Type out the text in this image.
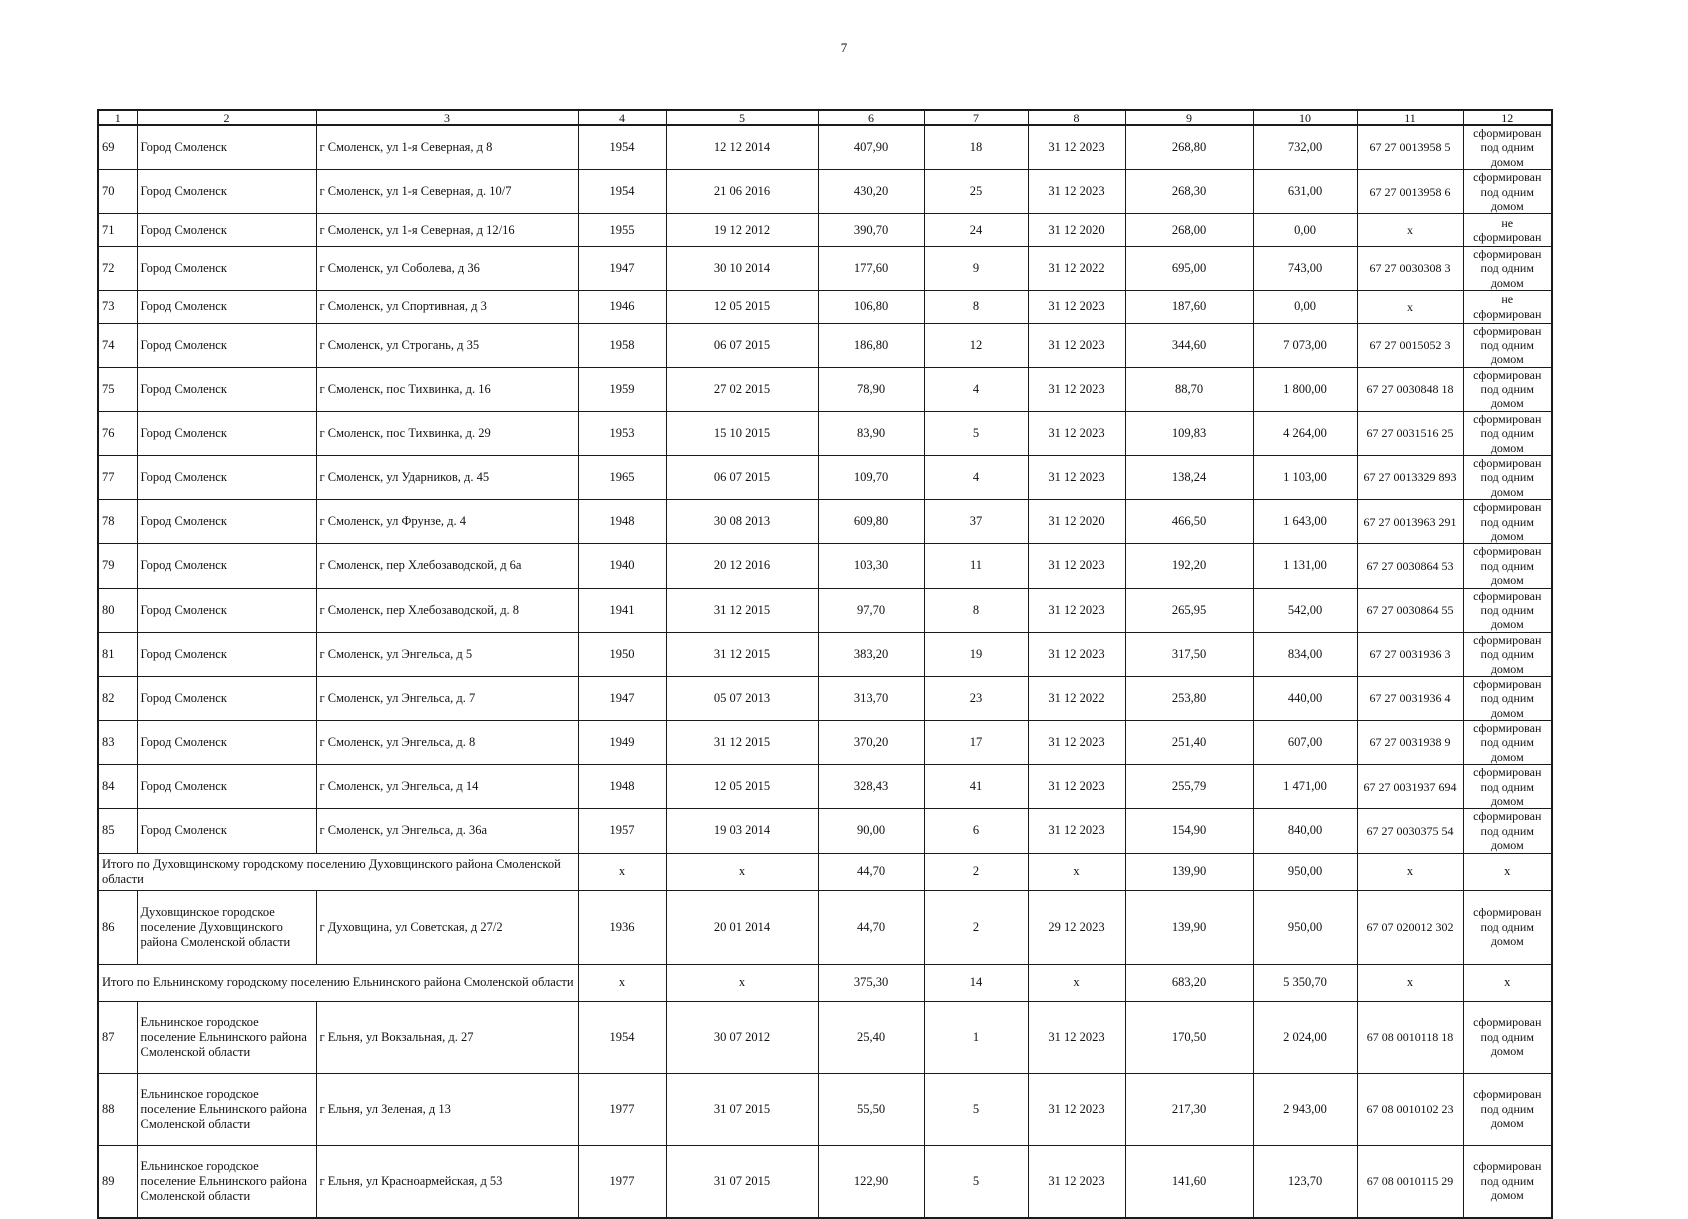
7
1	2	3	4	5	6	7	8	9	10	11	12
69	Город Смоленск	г Смоленск, ул 1-я Северная, д 8	1954	12 12 2014	407,90	18	31 12 2023	268,80	732,00	67 27 0013958 5	сформирован под одним домом
70	Город Смоленск	г Смоленск, ул 1-я Северная, д. 10/7	1954	21 06 2016	430,20	25	31 12 2023	268,30	631,00	67 27 0013958 6	сформирован под одним домом
71	Город Смоленск	г Смоленск, ул 1-я Северная, д 12/16	1955	19 12 2012	390,70	24	31 12 2020	268,00	0,00	х	не сформирован
72	Город Смоленск	г Смоленск, ул Соболева, д 36	1947	30 10 2014	177,60	9	31 12 2022	695,00	743,00	67 27 0030308 3	сформирован под одним домом
73	Город Смоленск	г Смоленск, ул Спортивная, д 3	1946	12 05 2015	106,80	8	31 12 2023	187,60	0,00	х	не сформирован
74	Город Смоленск	г Смоленск, ул Строгань, д 35	1958	06 07 2015	186,80	12	31 12 2023	344,60	7 073,00	67 27 0015052 3	сформирован под одним домом
75	Город Смоленск	г Смоленск, пос Тихвинка, д. 16	1959	27 02 2015	78,90	4	31 12 2023	88,70	1 800,00	67 27 0030848 18	сформирован под одним домом
76	Город Смоленск	г Смоленск, пос Тихвинка, д. 29	1953	15 10 2015	83,90	5	31 12 2023	109,83	4 264,00	67 27 0031516 25	сформирован под одним домом
77	Город Смоленск	г Смоленск, ул Ударников, д. 45	1965	06 07 2015	109,70	4	31 12 2023	138,24	1 103,00	67 27 0013329 893	сформирован под одним домом
78	Город Смоленск	г Смоленск, ул Фрунзе, д. 4	1948	30 08 2013	609,80	37	31 12 2020	466,50	1 643,00	67 27 0013963 291	сформирован под одним домом
79	Город Смоленск	г Смоленск, пер Хлебозаводской, д 6а	1940	20 12 2016	103,30	11	31 12 2023	192,20	1 131,00	67 27 0030864 53	сформирован под одним домом
80	Город Смоленск	г Смоленск, пер Хлебозаводской, д. 8	1941	31 12 2015	97,70	8	31 12 2023	265,95	542,00	67 27 0030864 55	сформирован под одним домом
81	Город Смоленск	г Смоленск, ул Энгельса, д 5	1950	31 12 2015	383,20	19	31 12 2023	317,50	834,00	67 27 0031936 3	сформирован под одним домом
82	Город Смоленск	г Смоленск, ул Энгельса, д. 7	1947	05 07 2013	313,70	23	31 12 2022	253,80	440,00	67 27 0031936 4	сформирован под одним домом
83	Город Смоленск	г Смоленск, ул Энгельса, д. 8	1949	31 12 2015	370,20	17	31 12 2023	251,40	607,00	67 27 0031938 9	сформирован под одним домом
84	Город Смоленск	г Смоленск, ул Энгельса, д 14	1948	12 05 2015	328,43	41	31 12 2023	255,79	1 471,00	67 27 0031937 694	сформирован под одним домом
85	Город Смоленск	г Смоленск, ул Энгельса, д. 36а	1957	19 03 2014	90,00	6	31 12 2023	154,90	840,00	67 27 0030375 54	сформирован под одним домом
Итого по Духовщинскому городскому поселению Духовщинского района Смоленской области			х	х	44,70	2	х	139,90	950,00	х	х
86	Духовщинское городское поселение Духовщинского района Смоленской области	г Духовщина, ул Советская, д 27/2	1936	20 01 2014	44,70	2	29 12 2023	139,90	950,00	67 07 020012 302	сформирован под одним домом
Итого по Ельнинскому городскому поселению Ельнинского района Смоленской области			х	х	375,30	14	х	683,20	5 350,70	х	х
87	Ельнинское городское поселение Ельнинского района Смоленской области	г Ельня, ул Вокзальная, д. 27	1954	30 07 2012	25,40	1	31 12 2023	170,50	2 024,00	67 08 0010118 18	сформирован под одним домом
88	Ельнинское городское поселение Ельнинского района Смоленской области	г Ельня, ул Зеленая, д 13	1977	31 07 2015	55,50	5	31 12 2023	217,30	2 943,00	67 08 0010102 23	сформирован под одним домом
89	Ельнинское городское поселение Ельнинского района Смоленской области	г Ельня, ул Красноармейская, д 53	1977	31 07 2015	122,90	5	31 12 2023	141,60	123,70	67 08 0010115 29	сформирован под одним домом
